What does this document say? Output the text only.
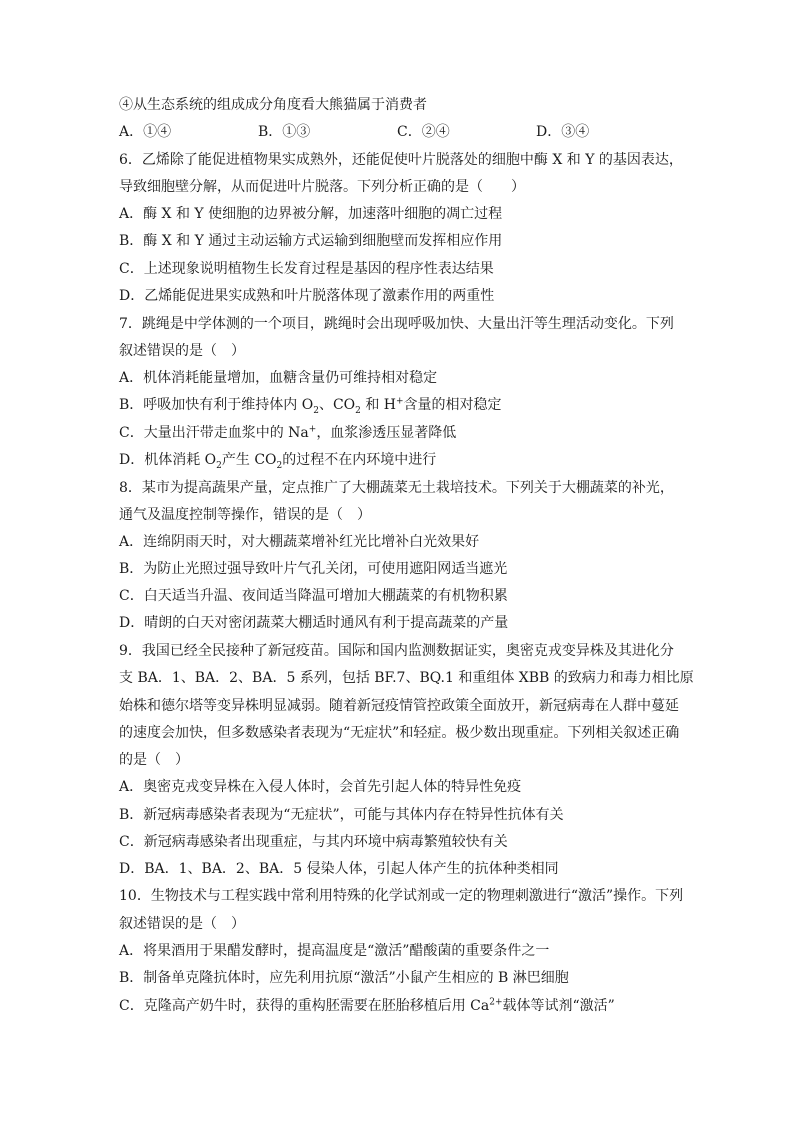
④从生态系统的组成成分角度看大熊猫属于消费者
A．①④	B．①③	C．②④	D．③④
6．乙烯除了能促进植物果实成熟外，还能促使叶片脱落处的细胞中酶 X 和 Y 的基因表达，
导致细胞壁分解，从而促进叶片脱落。下列分析正确的是（　　）
A．酶 X 和 Y 使细胞的边界被分解，加速落叶细胞的凋亡过程
B．酶 X 和 Y 通过主动运输方式运输到细胞壁而发挥相应作用
C．上述现象说明植物生长发育过程是基因的程序性表达结果
D．乙烯能促进果实成熟和叶片脱落体现了激素作用的两重性
7．跳绳是中学体测的一个项目，跳绳时会出现呼吸加快、大量出汗等生理活动变化。下列
叙述错误的是（　）
A．机体消耗能量增加，血糖含量仍可维持相对稳定
B．呼吸加快有利于维持体内 $O_2$、$CO_2$ 和 H+含量的相对稳定
C．大量出汗带走血浆中的 Na+，血浆渗透压显著降低
D．机体消耗 $O_2$产生 $CO_2$的过程不在内环境中进行
8．某市为提高蔬果产量，定点推广了大棚蔬菜无土栽培技术。下列关于大棚蔬菜的补光，
通气及温度控制等操作，错误的是（　）
A．连绵阴雨天时，对大棚蔬菜增补红光比增补白光效果好
B．为防止光照过强导致叶片气孔关闭，可使用遮阳网适当遮光
C．白天适当升温、夜间适当降温可增加大棚蔬菜的有机物积累
D．晴朗的白天对密闭蔬菜大棚适时通风有利于提高蔬菜的产量
9．我国已经全民接种了新冠疫苗。国际和国内监测数据证实，奥密克戎变异株及其进化分
支 BA．1、BA．2、BA．5 系列，包括 BF.7、BQ.1 和重组体 XBB 的致病力和毒力相比原
始株和德尔塔等变异株明显减弱。随着新冠疫情管控政策全面放开，新冠病毒在人群中蔓延
的速度会加快，但多数感染者表现为“无症状”和轻症。极少数出现重症。下列相关叙述正确
的是（　）
A．奥密克戎变异株在入侵人体时，会首先引起人体的特异性免疫
B．新冠病毒感染者表现为“无症状”，可能与其体内存在特异性抗体有关
C．新冠病毒感染者出现重症，与其内环境中病毒繁殖较快有关
D．BA．1、BA．2、BA．5 侵染人体，引起人体产生的抗体种类相同
10．生物技术与工程实践中常利用特殊的化学试剂或一定的物理刺激进行“激活”操作。下列
叙述错误的是（　）
A．将果酒用于果醋发酵时，提高温度是“激活”醋酸菌的重要条件之一
B．制备单克隆抗体时，应先利用抗原“激活”小鼠产生相应的 B 淋巴细胞
C．克隆高产奶牛时，获得的重构胚需要在胚胎移植后用 $Ca^{2+}$载体等试剂“激活”
